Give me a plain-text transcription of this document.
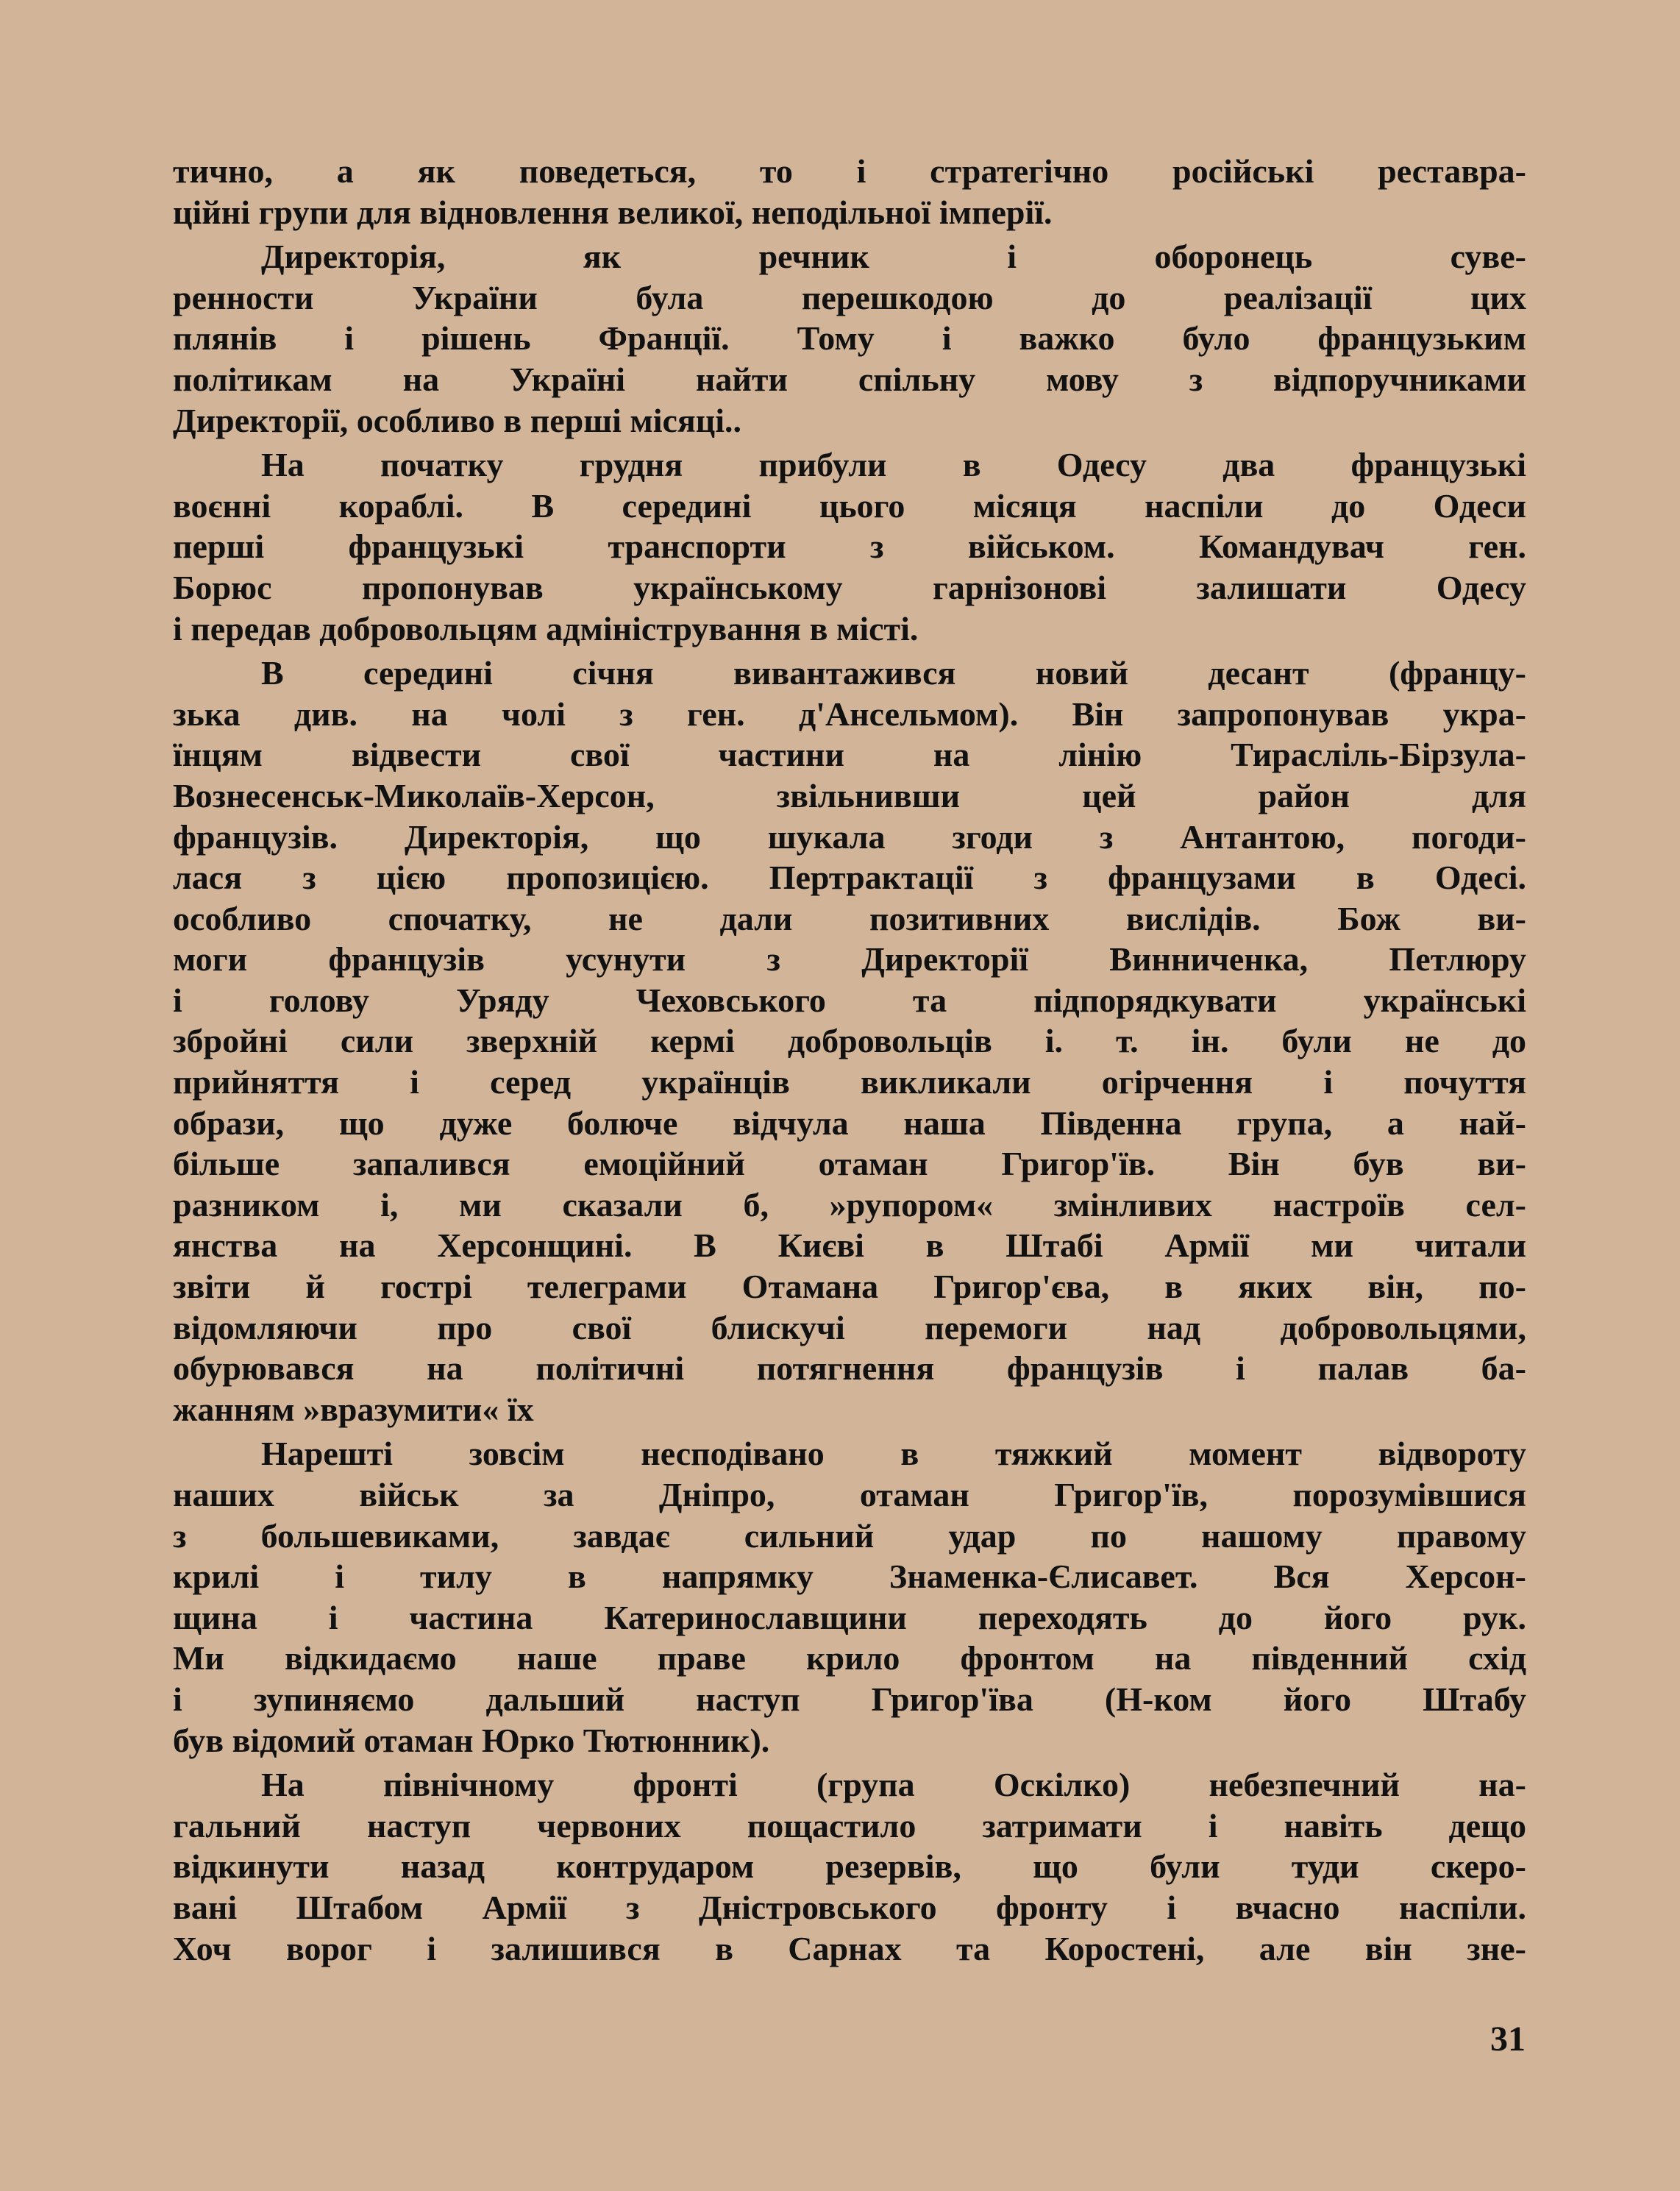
тично, а як поведеться, то і стратегічно російські реставра-
ційні групи для відновлення великої, неподільної імперії.
Директорія, як речник і оборонець суве-
ренности України була перешкодою до реалізації цих
плянів і рішень Франції. Тому і важко було французьким
політикам на Україні найти спільну мову з відпоручниками
Директорії, особливо в перші місяці..
На початку грудня прибули в Одесу два французькі
воєнні кораблі. В середині цього місяця наспіли до Одеси
перші французькі транспорти з військом. Командувач ген.
Борюс пропонував українському гарнізонові залишати Одесу
і передав добровольцям адміністрування в місті.
В середині січня вивантажився новий десант (францу-
зька див. на чолі з ген. д'Ансельмом). Він запропонував укра-
їнцям відвести свої частини на лінію Тирасліль-Бірзула-
Вознесенськ-Миколаїв-Херсон, звільнивши цей район для
французів. Директорія, що шукала згоди з Антантою, погоди-
лася з цією пропозицією. Пертрактації з французами в Одесі.
особливо спочатку, не дали позитивних вислідів. Бож ви-
моги французів усунути з Директорії Винниченка, Петлюру
і голову Уряду Чеховського та підпорядкувати українські
збройні сили зверхній кермі добровольців і. т. ін. були не до
прийняття і серед українців викликали огірчення і почуття
образи, що дуже болюче відчула наша Південна група, а най-
більше запалився емоційний отаман Григор'їв. Він був ви-
разником і, ми сказали б, »рупором« змінливих настроїв сел-
янства на Херсонщині. В Києві в Штабі Армії ми читали
звіти й гострі телеграми Отамана Григор'єва, в яких він, по-
відомляючи про свої блискучі перемоги над добровольцями,
обурювався на політичні потягнення французів і палав ба-
жанням »вразумити« їх
Нарешті зовсім несподівано в тяжкий момент відвороту
наших військ за Дніпро, отаман Григор'їв, порозумівшися
з большевиками, завдає сильний удар по нашому правому
крилі і тилу в напрямку Знаменка-Єлисавет. Вся Херсон-
щина і частина Катеринославщини переходять до його рук.
Ми відкидаємо наше праве крило фронтом на південний схід
і зупиняємо дальший наступ Григор'їва (Н-ком його Штабу
був відомий отаман Юрко Тютюнник).
На північному фронті (група Оскілко) небезпечний на-
гальний наступ червоних пощастило затримати і навіть дещо
відкинути назад контрударом резервів, що були туди скеро-
вані Штабом Армії з Дністровського фронту і вчасно наспіли.
Хоч ворог і залишився в Сарнах та Коростені, але він зне-
31
